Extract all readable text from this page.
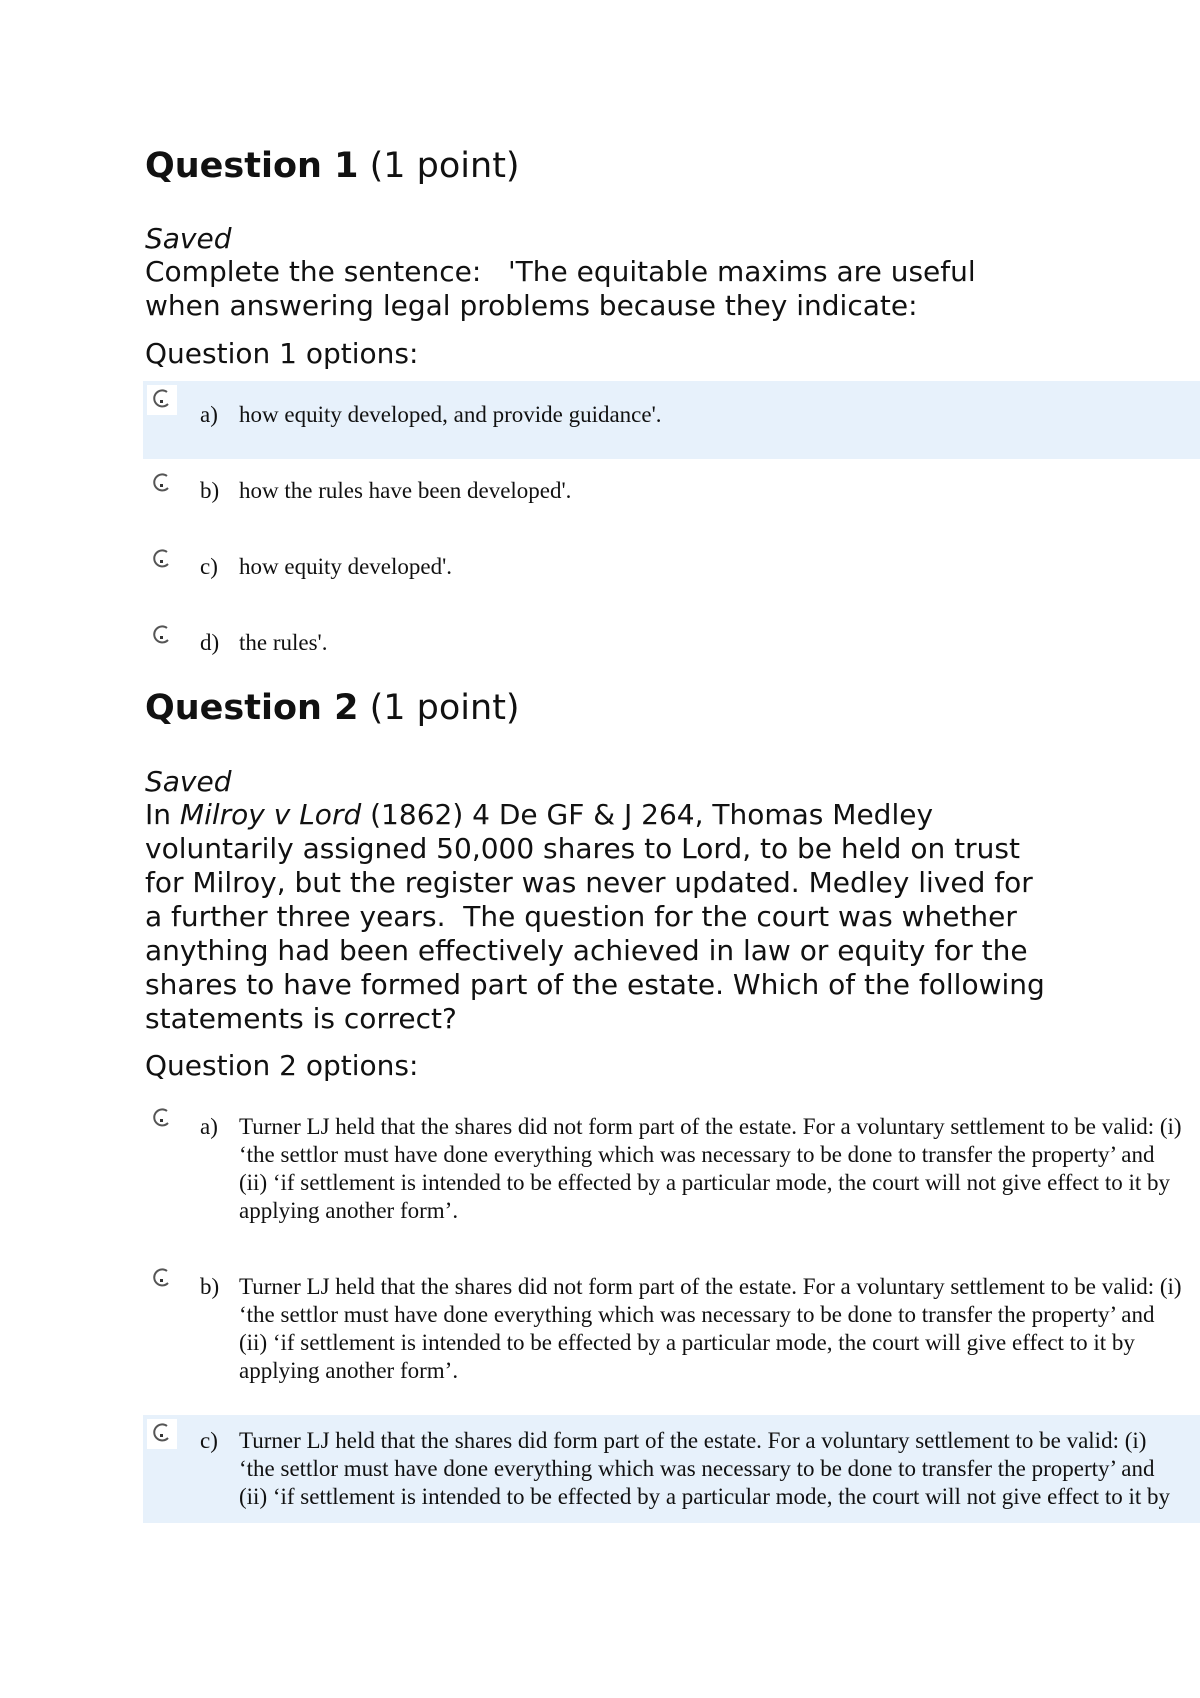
Question 1 (1 point)
Saved
Complete the sentence:   'The equitable maxims are useful when answering legal problems because they indicate:
Question 1 options:
a) how equity developed, and provide guidance'.
b) how the rules have been developed'.
c) how equity developed'.
d) the rules'.
Question 2 (1 point)
Saved
In Milroy v Lord (1862) 4 De GF & J 264, Thomas Medley voluntarily assigned 50,000 shares to Lord, to be held on trust for Milroy, but the register was never updated. Medley lived for a further three years.  The question for the court was whether anything had been effectively achieved in law or equity for the shares to have formed part of the estate. Which of the following statements is correct?
Question 2 options:
a) Turner LJ held that the shares did not form part of the estate. For a voluntary settlement to be valid: (i)
‘the settlor must have done everything which was necessary to be done to transfer the property’ and
(ii) ‘if settlement is intended to be effected by a particular mode, the court will not give effect to it by
applying another form’.
b) Turner LJ held that the shares did not form part of the estate. For a voluntary settlement to be valid: (i)
‘the settlor must have done everything which was necessary to be done to transfer the property’ and
(ii) ‘if settlement is intended to be effected by a particular mode, the court will give effect to it by
applying another form’.
c) Turner LJ held that the shares did form part of the estate. For a voluntary settlement to be valid: (i)
‘the settlor must have done everything which was necessary to be done to transfer the property’ and
(ii) ‘if settlement is intended to be effected by a particular mode, the court will not give effect to it by
